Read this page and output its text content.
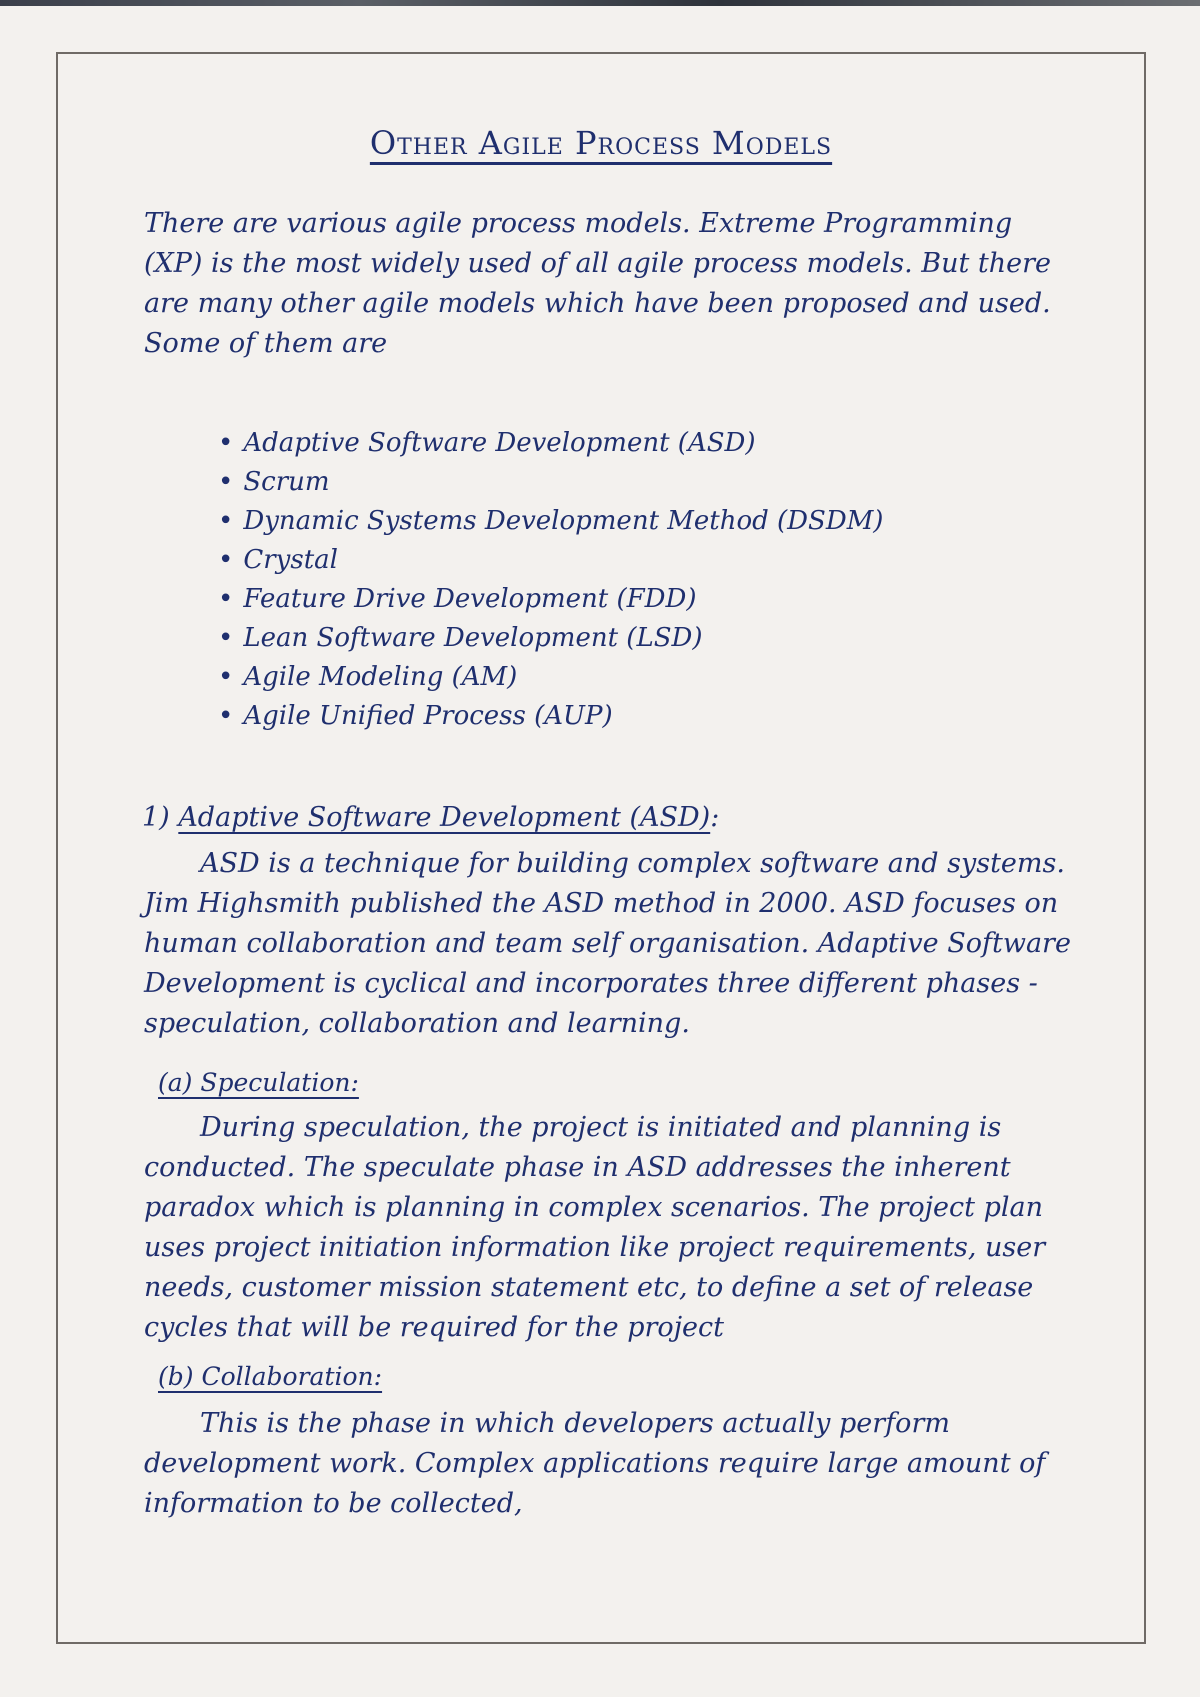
Other Agile Process Models
There are various agile process models. Extreme Programming (XP) is the most widely used of all agile process models. But there are many other agile models which have been proposed and used. Some of them are
• Adaptive Software Development (ASD)
• Scrum
• Dynamic Systems Development Method (DSDM)
• Crystal
• Feature Drive Development (FDD)
• Lean Software Development (LSD)
• Agile Modeling (AM)
• Agile Unified Process (AUP)
1) Adaptive Software Development (ASD):
ASD is a technique for building complex software and systems. Jim Highsmith published the ASD method in 2000. ASD focuses on human collaboration and team self organisation. Adaptive Software Development is cyclical and incorporates three different phases - speculation, collaboration and learning.
(a) Speculation:
During speculation, the project is initiated and planning is conducted. The speculate phase in ASD addresses the inherent paradox which is planning in complex scenarios. The project plan uses project initiation information like project requirements, user needs, customer mission statement etc, to define a set of release cycles that will be required for the project
(b) Collaboration:
This is the phase in which developers actually perform development work. Complex applications require large amount of information to be collected,
